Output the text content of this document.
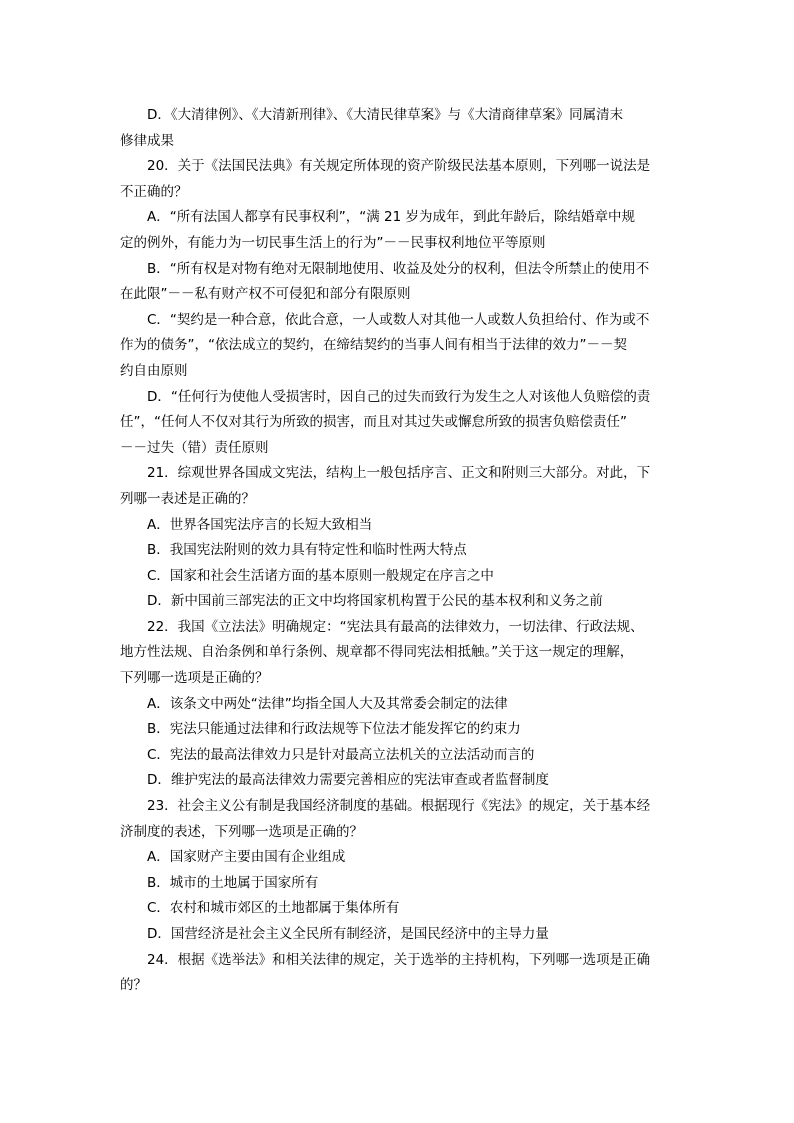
D．《大清律例》、《大清新刑律》、《大清民律草案》与《大清商律草案》同属清末
修律成果
20．关于《法国民法典》有关规定所体现的资产阶级民法基本原则，下列哪一说法是
不正确的？
A．“所有法国人都享有民事权利”，“满 21 岁为成年，到此年龄后，除结婚章中规
定的例外，有能力为一切民事生活上的行为”－－民事权利地位平等原则
B．“所有权是对物有绝对无限制地使用、收益及处分的权利，但法令所禁止的使用不
在此限”－－私有财产权不可侵犯和部分有限原则
C．“契约是一种合意，依此合意，一人或数人对其他一人或数人负担给付、作为或不
作为的债务”，“依法成立的契约，在缔结契约的当事人间有相当于法律的效力”－－契
约自由原则
D．“任何行为使他人受损害时，因自己的过失而致行为发生之人对该他人负赔偿的责
任”，“任何人不仅对其行为所致的损害，而且对其过失或懈怠所致的损害负赔偿责任”
－－过失（错）责任原则
21．综观世界各国成文宪法，结构上一般包括序言、正文和附则三大部分。对此，下
列哪一表述是正确的？
A．世界各国宪法序言的长短大致相当
B．我国宪法附则的效力具有特定性和临时性两大特点
C．国家和社会生活诸方面的基本原则一般规定在序言之中
D．新中国前三部宪法的正文中均将国家机构置于公民的基本权利和义务之前
22．我国《立法法》明确规定：“宪法具有最高的法律效力，一切法律、行政法规、
地方性法规、自治条例和单行条例、规章都不得同宪法相抵触。”关于这一规定的理解，
下列哪一选项是正确的？
A．该条文中两处“法律”均指全国人大及其常委会制定的法律
B．宪法只能通过法律和行政法规等下位法才能发挥它的约束力
C．宪法的最高法律效力只是针对最高立法机关的立法活动而言的
D．维护宪法的最高法律效力需要完善相应的宪法审查或者监督制度
23．社会主义公有制是我国经济制度的基础。根据现行《宪法》的规定，关于基本经
济制度的表述，下列哪一选项是正确的？
A．国家财产主要由国有企业组成
B．城市的土地属于国家所有
C．农村和城市郊区的土地都属于集体所有
D．国营经济是社会主义全民所有制经济，是国民经济中的主导力量
24．根据《选举法》和相关法律的规定，关于选举的主持机构，下列哪一选项是正确
的？
